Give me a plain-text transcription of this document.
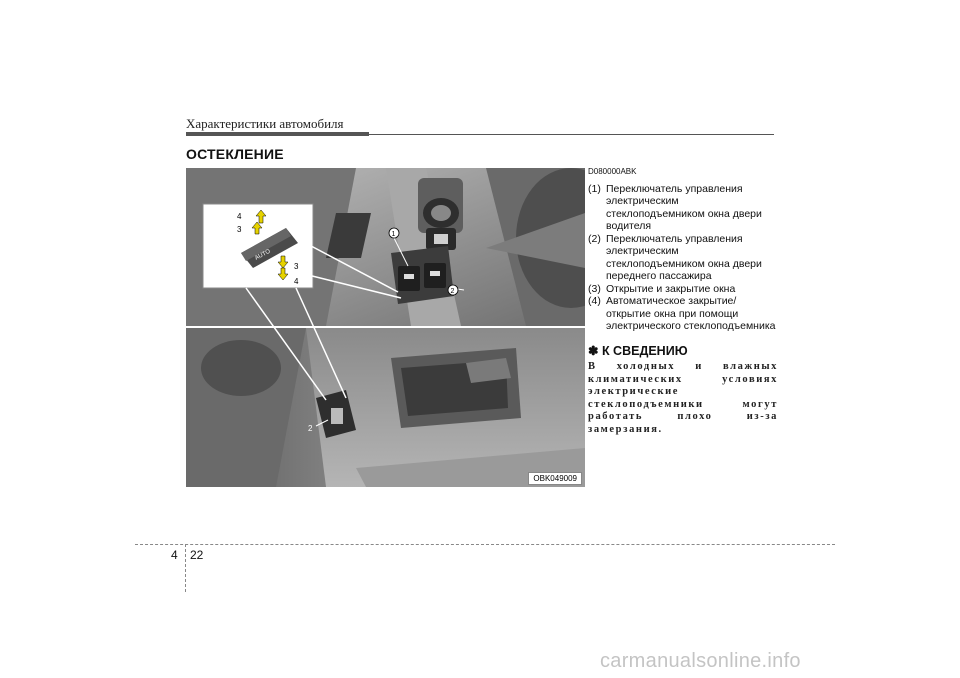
Характеристики автомобиля
ОСТЕКЛЕНИЕ
4
3
3
4
AUTO
1
2
2
OBK049009
D080000ABK
(1) Переключатель управления электрическим стеклоподъемником окна двери водителя
(2) Переключатель управления электрическим стеклоподъемником окна двери переднего пассажира
(3) Открытие и закрытие окна
(4) Автоматическое закрытие/открытие окна при помощи электрического стеклоподъемника
✽ К СВЕДЕНИЮ
В холодных и влажных климатических условиях электрические стеклоподъемники могут работать плохо из-за замерзания.
4 22
carmanualsonline.info
